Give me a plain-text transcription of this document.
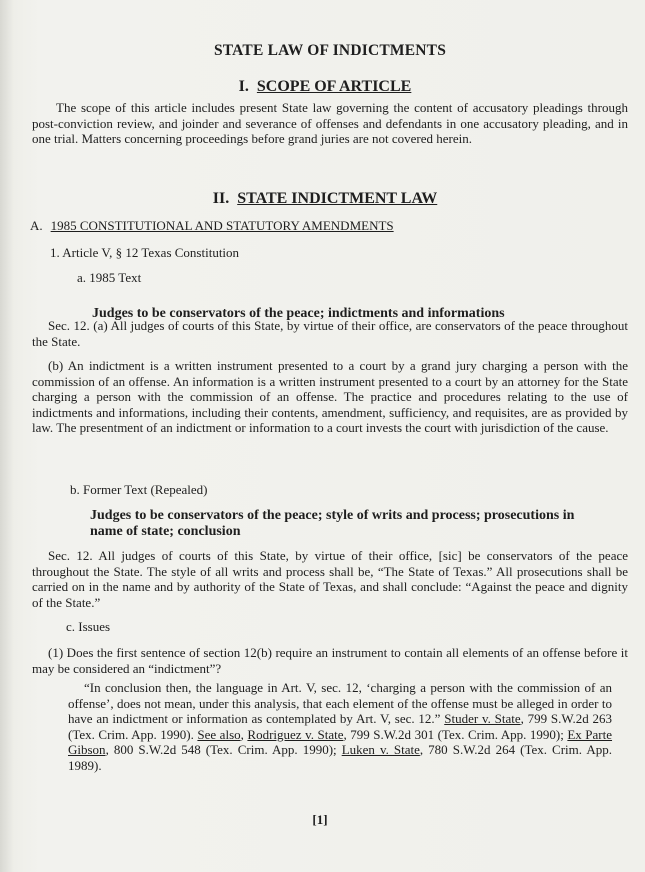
STATE LAW OF INDICTMENTS
I. SCOPE OF ARTICLE
The scope of this article includes present State law governing the content of accusatory pleadings through post-conviction review, and joinder and severance of offenses and defendants in one accusatory pleading, and in one trial. Matters concerning proceedings before grand juries are not covered herein.
II. STATE INDICTMENT LAW
A. 1985 CONSTITUTIONAL AND STATUTORY AMENDMENTS
1. Article V, § 12 Texas Constitution
a. 1985 Text
Judges to be conservators of the peace; indictments and informations
Sec. 12. (a) All judges of courts of this State, by virtue of their office, are conservators of the peace throughout the State.
(b) An indictment is a written instrument presented to a court by a grand jury charging a person with the commission of an offense. An information is a written instrument presented to a court by an attorney for the State charging a person with the commission of an offense. The practice and procedures relating to the use of indictments and informations, including their contents, amendment, sufficiency, and requisites, are as provided by law. The presentment of an indictment or information to a court invests the court with jurisdiction of the cause.
b. Former Text (Repealed)
Judges to be conservators of the peace; style of writs and process; prosecutions in name of state; conclusion
Sec. 12. All judges of courts of this State, by virtue of their office, [sic] be conservators of the peace throughout the State. The style of all writs and process shall be, “The State of Texas.” All prosecutions shall be carried on in the name and by authority of the State of Texas, and shall conclude: “Against the peace and dignity of the State.”
c. Issues
(1) Does the first sentence of section 12(b) require an instrument to contain all elements of an offense before it may be considered an “indictment”?
“In conclusion then, the language in Art. V, sec. 12, ‘charging a person with the commission of an offense’, does not mean, under this analysis, that each element of the offense must be alleged in order to have an indictment or information as contemplated by Art. V, sec. 12.” Studer v. State, 799 S.W.2d 263 (Tex. Crim. App. 1990). See also, Rodriguez v. State, 799 S.W.2d 301 (Tex. Crim. App. 1990); Ex Parte Gibson, 800 S.W.2d 548 (Tex. Crim. App. 1990); Luken v. State, 780 S.W.2d 264 (Tex. Crim. App. 1989).
[1]
